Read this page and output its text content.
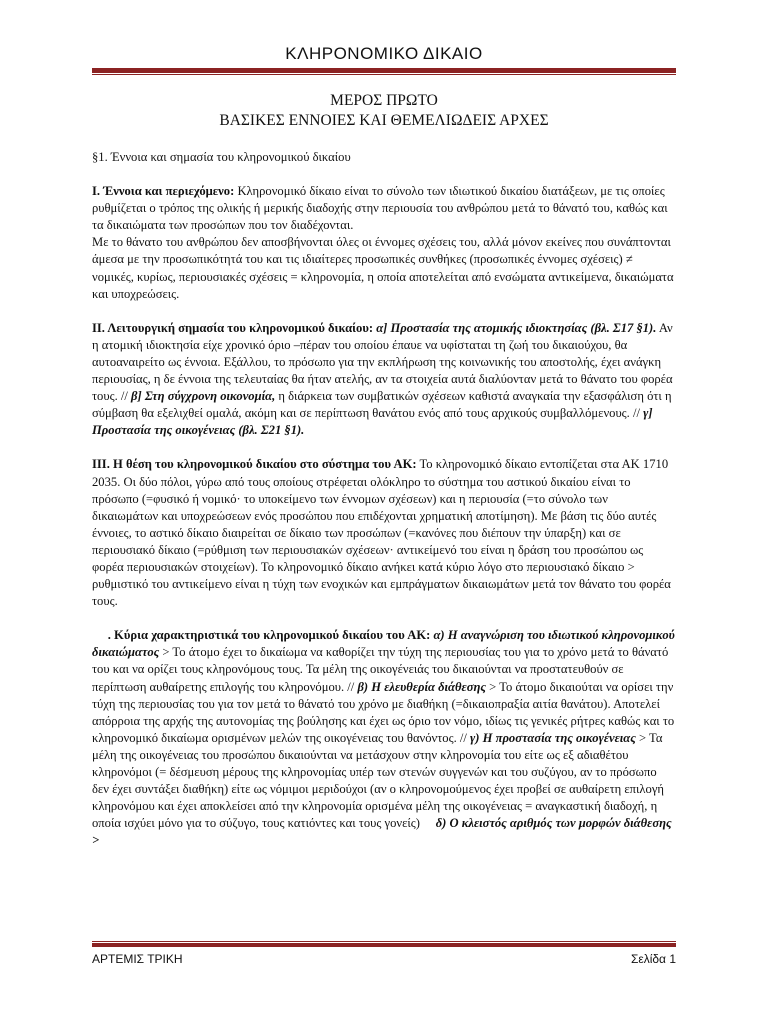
ΚΛΗΡΟΝΟΜΙΚΟ ΔΙΚΑΙΟ
ΜΕΡΟΣ ΠΡΩΤΟ
ΒΑΣΙΚΕΣ ΕΝΝΟΙΕΣ ΚΑΙ ΘΕΜΕΛΙΩΔΕΙΣ ΑΡΧΕΣ

§1. Έννοια και σημασία του κληρονομικού δικαίου

Ι. Έννοια και περιεχόμενο: Κληρονομικό δίκαιο είναι το σύνολο των ιδιωτικού δικαίου διατάξεων, με τις οποίες ρυθμίζεται ο τρόπος της ολικής ή μερικής διαδοχής στην περιουσία του ανθρώπου μετά το θάνατό του, καθώς και τα δικαιώματα των προσώπων που τον διαδέχονται.

Με το θάνατο του ανθρώπου δεν αποσβήνονται όλες οι έννομες σχέσεις του, αλλά μόνον εκείνες που συνάπτονται άμεσα με την προσωπικότητά του και τις ιδιαίτερες προσωπικές συνθήκες (προσωπικές έννομες σχέσεις) ≠ νομικές, κυρίως, περιουσιακές σχέσεις = κληρονομία, η οποία αποτελείται από ενσώματα αντικείμενα, δικαιώματα και υποχρεώσεις.

ΙΙ. Λειτουργική σημασία του κληρονομικού δικαίου: α] Προστασία της ατομικής ιδιοκτησίας (βλ. Σ17 §1). Αν η ατομική ιδιοκτησία είχε χρονικό όριο –πέραν του οποίου έπαυε να υφίσταται τη ζωή του δικαιούχου, θα αυτοαναιρείτο ως έννοια. Εξάλλου, το πρόσωπο για την εκπλήρωση της κοινωνικής του αποστολής, έχει ανάγκη περιουσίας, η δε έννοια της τελευταίας θα ήταν ατελής, αν τα στοιχεία αυτά διαλύονταν μετά το θάνατο του φορέα τους. // β] Στη σύγχρονη οικονομία, η διάρκεια των συμβατικών σχέσεων καθιστά αναγκαία την εξασφάλιση ότι η σύμβαση θα εξελιχθεί ομαλά, ακόμη και σε περίπτωση θανάτου ενός από τους αρχικούς συμβαλλόμενους. // γ] Προστασία της οικογένειας (βλ. Σ21 §1).

ΙΙΙ. Η θέση του κληρονομικού δικαίου στο σύστημα του ΑΚ: Το κληρονομικό δίκαιο εντοπίζεται στα ΑΚ 1710 2035. Οι δύο πόλοι, γύρω από τους οποίους στρέφεται ολόκληρο το σύστημα του αστικού δικαίου είναι το πρόσωπο (=φυσικό ή νομικό· το υποκείμενο των έννομων σχέσεων) και η περιουσία (=το σύνολο των δικαιωμάτων και υποχρεώσεων ενός προσώπου που επιδέχονται χρηματική αποτίμηση). Με βάση τις δύο αυτές έννοιες, το αστικό δίκαιο διαιρείται σε δίκαιο των προσώπων (=κανόνες που διέπουν την ύπαρξη) και σε περιουσιακό δίκαιο (=ρύθμιση των περιουσιακών σχέσεων· αντικείμενό του είναι η δράση του προσώπου ως φορέα περιουσιακών στοιχείων). Το κληρονομικό δίκαιο ανήκει κατά κύριο λόγο στο περιουσιακό δίκαιο > ρυθμιστικό του αντικείμενο είναι η τύχη των ενοχικών και εμπράγματων δικαιωμάτων μετά τον θάνατο του φορέα τους.

. Κύρια χαρακτηριστικά του κληρονομικού δικαίου του ΑΚ: α) Η αναγνώριση του ιδιωτικού κληρονομικού δικαιώματος > Το άτομο έχει το δικαίωμα να καθορίζει την τύχη της περιουσίας του για το χρόνο μετά το θάνατό του και να ορίζει τους κληρονόμους τους. Τα μέλη της οικογένειάς του δικαιούνται να προστατευθούν σε περίπτωση αυθαίρετης επιλογής του κληρονόμου. // β) Η ελευθερία διάθεσης > Το άτομο δικαιούται να ορίσει την τύχη της περιουσίας του για τον μετά το θάνατό του χρόνο με διαθήκη (=δικαιοπραξία αιτία θανάτου). Αποτελεί απόρροια της αρχής της αυτονομίας της βούλησης και έχει ως όριο τον νόμο, ιδίως τις γενικές ρήτρες καθώς και το κληρονομικό δικαίωμα ορισμένων μελών της οικογένειας του θανόντος. // γ) Η προστασία της οικογένειας > Τα μέλη της οικογένειας του προσώπου δικαιούνται να μετάσχουν στην κληρονομία του είτε ως εξ αδιαθέτου κληρονόμοι (= δέσμευση μέρους της κληρονομίας υπέρ των στενών συγγενών και του συζύγου, αν το πρόσωπο δεν έχει συντάξει διαθήκη) είτε ως νόμιμοι μεριδούχοι (αν ο κληρονομούμενος έχει προβεί σε αυθαίρετη επιλογή κληρονόμου και έχει αποκλείσει από την κληρονομία ορισμένα μέλη της οικογένειας = αναγκαστική διαδοχή, η οποία ισχύει μόνο για το σύζυγο, τους κατιόντες και τους γονείς)     δ) Ο κλειστός αριθμός των μορφών διάθεσης >

ΑΡΤΕΜΙΣ ΤΡΙΚΗ	Σελίδα 1
